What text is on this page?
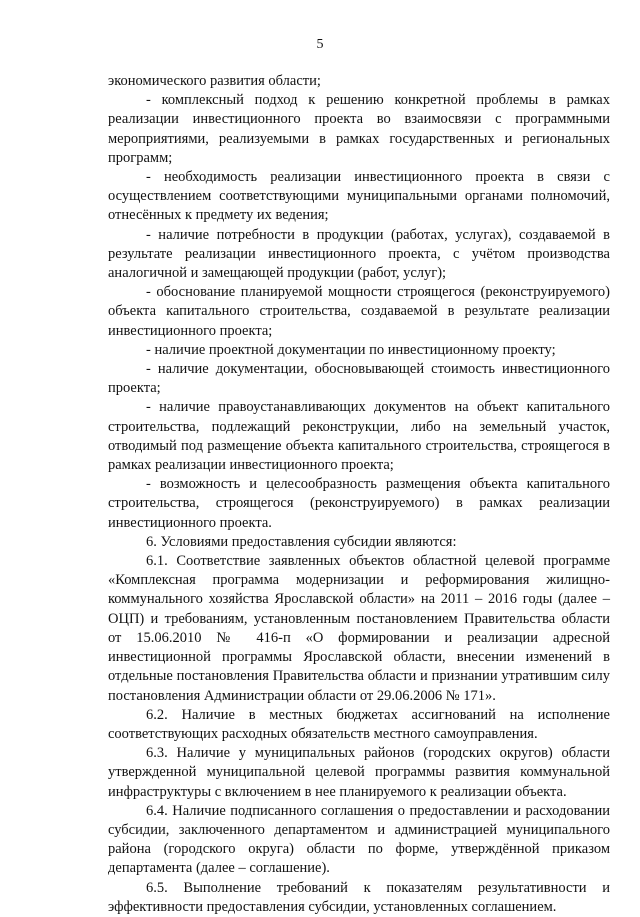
5

экономического развития области;

- комплексный подход к решению конкретной проблемы в рамках реализации инвестиционного проекта во взаимосвязи с программными мероприятиями, реализуемыми в рамках государственных и региональных программ;

- необходимость реализации инвестиционного проекта в связи с осуществлением соответствующими муниципальными органами полномочий, отнесённых к предмету их ведения;

- наличие потребности в продукции (работах, услугах), создаваемой в результате реализации инвестиционного проекта, с учётом производства аналогичной и замещающей продукции (работ, услуг);

- обоснование планируемой мощности строящегося (реконструируемого) объекта капитального строительства, создаваемой в результате реализации инвестиционного проекта;

- наличие проектной документации по инвестиционному проекту;

- наличие документации, обосновывающей стоимость инвестиционного проекта;

- наличие правоустанавливающих документов на объект капитального строительства, подлежащий реконструкции, либо на земельный участок, отводимый под размещение объекта капитального строительства, строящегося в рамках реализации инвестиционного проекта;

- возможность и целесообразность размещения объекта капитального строительства, строящегося (реконструируемого) в рамках реализации инвестиционного проекта.

6. Условиями предоставления субсидии являются:

6.1. Соответствие заявленных объектов областной целевой программе «Комплексная программа модернизации и реформирования жилищно-коммунального хозяйства Ярославской области» на 2011 – 2016 годы (далее – ОЦП) и требованиям, установленным постановлением Правительства области от 15.06.2010 № 416-п «О формировании и реализации адресной инвестиционной программы Ярославской области, внесении изменений в отдельные постановления Правительства области и признании утратившим силу постановления Администрации области от 29.06.2006 № 171».

6.2. Наличие в местных бюджетах ассигнований на исполнение соответствующих расходных обязательств местного самоуправления.

6.3. Наличие у муниципальных районов (городских округов) области утвержденной муниципальной целевой программы развития коммунальной инфраструктуры с включением в нее планируемого к реализации объекта.

6.4. Наличие подписанного соглашения о предоставлении и расходовании субсидии, заключенного департаментом и администрацией муниципального района (городского округа) области по форме, утверждённой приказом департамента (далее – соглашение).

6.5. Выполнение требований к показателям результативности и эффективности предоставления субсидии, установленных соглашением.
